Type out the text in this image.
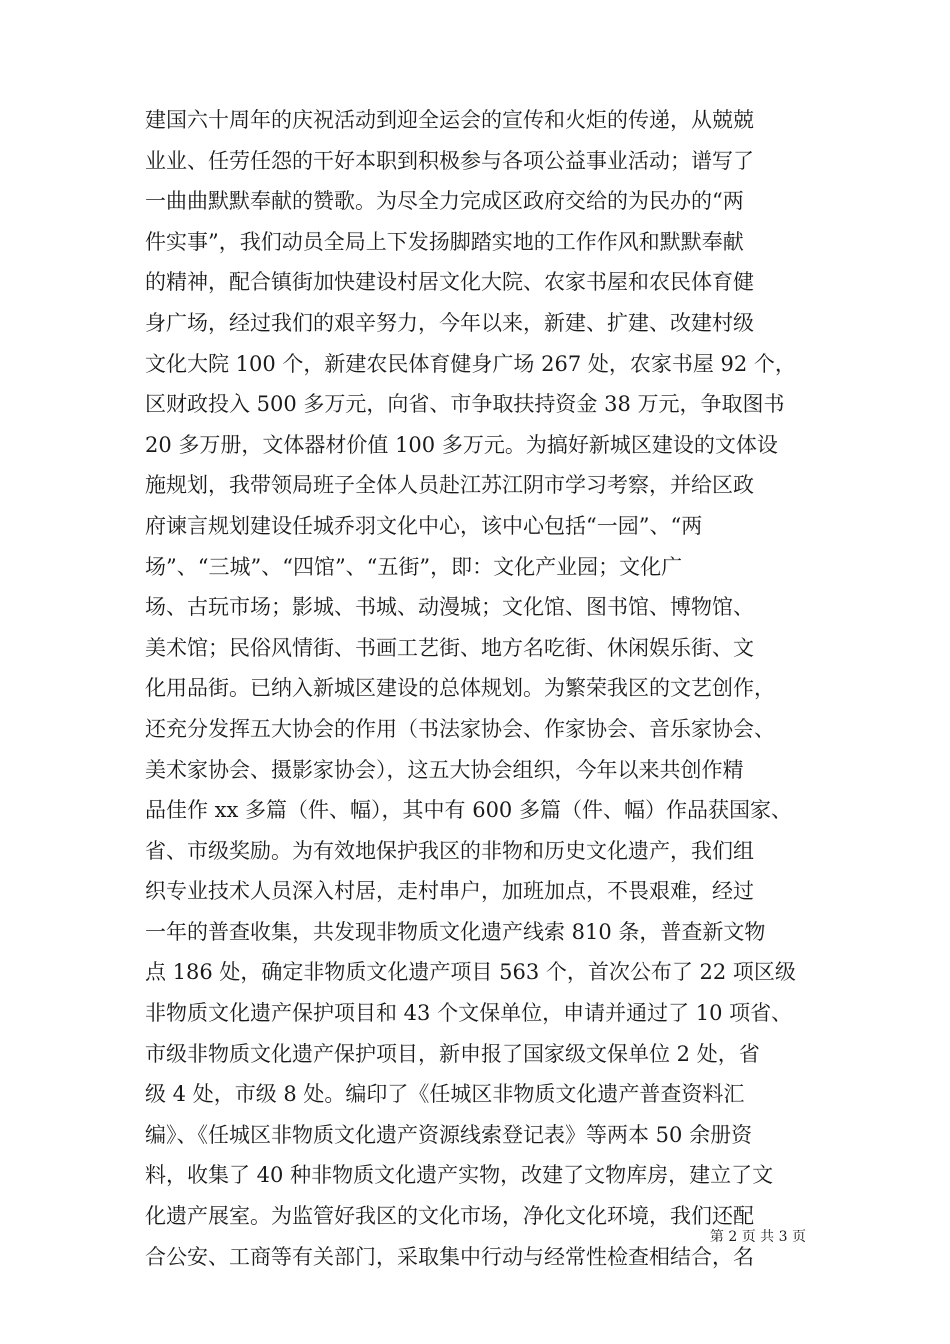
建国六十周年的庆祝活动到迎全运会的宣传和火炬的传递，从兢兢
业业、任劳任怨的干好本职到积极参与各项公益事业活动；谱写了
一曲曲默默奉献的赞歌。为尽全力完成区政府交给的为民办的“两
件实事”，我们动员全局上下发扬脚踏实地的工作作风和默默奉献
的精神，配合镇街加快建设村居文化大院、农家书屋和农民体育健
身广场，经过我们的艰辛努力，今年以来，新建、扩建、改建村级
文化大院 100 个，新建农民体育健身广场 267 处，农家书屋 92 个，
区财政投入 500 多万元，向省、市争取扶持资金 38 万元，争取图书
20 多万册，文体器材价值 100 多万元。为搞好新城区建设的文体设
施规划，我带领局班子全体人员赴江苏江阴市学习考察，并给区政
府谏言规划建设任城乔羽文化中心，该中心包括“一园”、“两
场”、“三城”、“四馆”、“五街”，即：文化产业园；文化广
场、古玩市场；影城、书城、动漫城；文化馆、图书馆、博物馆、
美术馆；民俗风情街、书画工艺街、地方名吃街、休闲娱乐街、文
化用品街。已纳入新城区建设的总体规划。为繁荣我区的文艺创作，
还充分发挥五大协会的作用（书法家协会、作家协会、音乐家协会、
美术家协会、摄影家协会），这五大协会组织，今年以来共创作精
品佳作 xx 多篇（件、幅），其中有 600 多篇（件、幅）作品获国家、
省、市级奖励。为有效地保护我区的非物和历史文化遗产，我们组
织专业技术人员深入村居，走村串户，加班加点，不畏艰难，经过
一年的普查收集，共发现非物质文化遗产线索 810 条，普查新文物
点 186 处，确定非物质文化遗产项目 563 个，首次公布了 22 项区级
非物质文化遗产保护项目和 43 个文保单位，申请并通过了 10 项省、
市级非物质文化遗产保护项目，新申报了国家级文保单位 2 处，省
级 4 处，市级 8 处。编印了《任城区非物质文化遗产普查资料汇
编》、《任城区非物质文化遗产资源线索登记表》等两本 50 余册资
料，收集了 40 种非物质文化遗产实物，改建了文物库房，建立了文
化遗产展室。为监管好我区的文化市场，净化文化环境，我们还配
合公安、工商等有关部门，采取集中行动与经常性检查相结合，名
第 2 页 共 3 页
